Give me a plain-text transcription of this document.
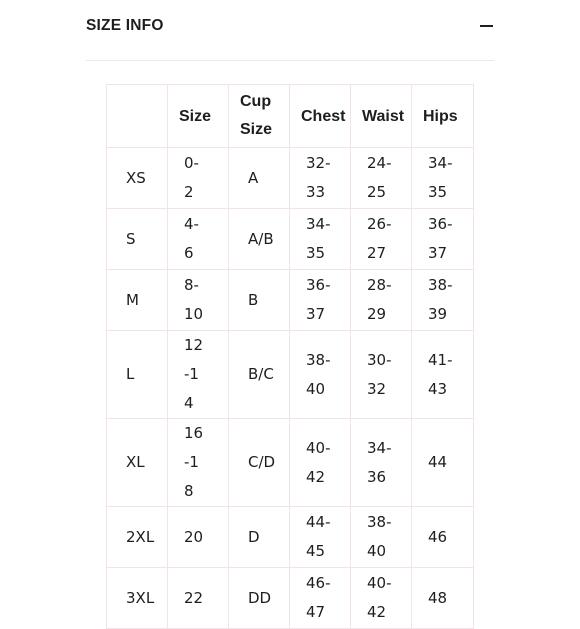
SIZE INFO
	Size	Cup Size	Chest	Waist	Hips
XS	0-2	A	32-33	24-25	34-35

S	4-6	A/B	34-35	26-27	36-37

M	8-10	B	36-37	28-29	38-39

L	12-14	B/C	38-40	30-32	41-43

XL	16-18	C/D	40-42	34-36	44
2XL	20	D	44-45	38-40	46
3XL	22	DD	46-47	40-42	48
